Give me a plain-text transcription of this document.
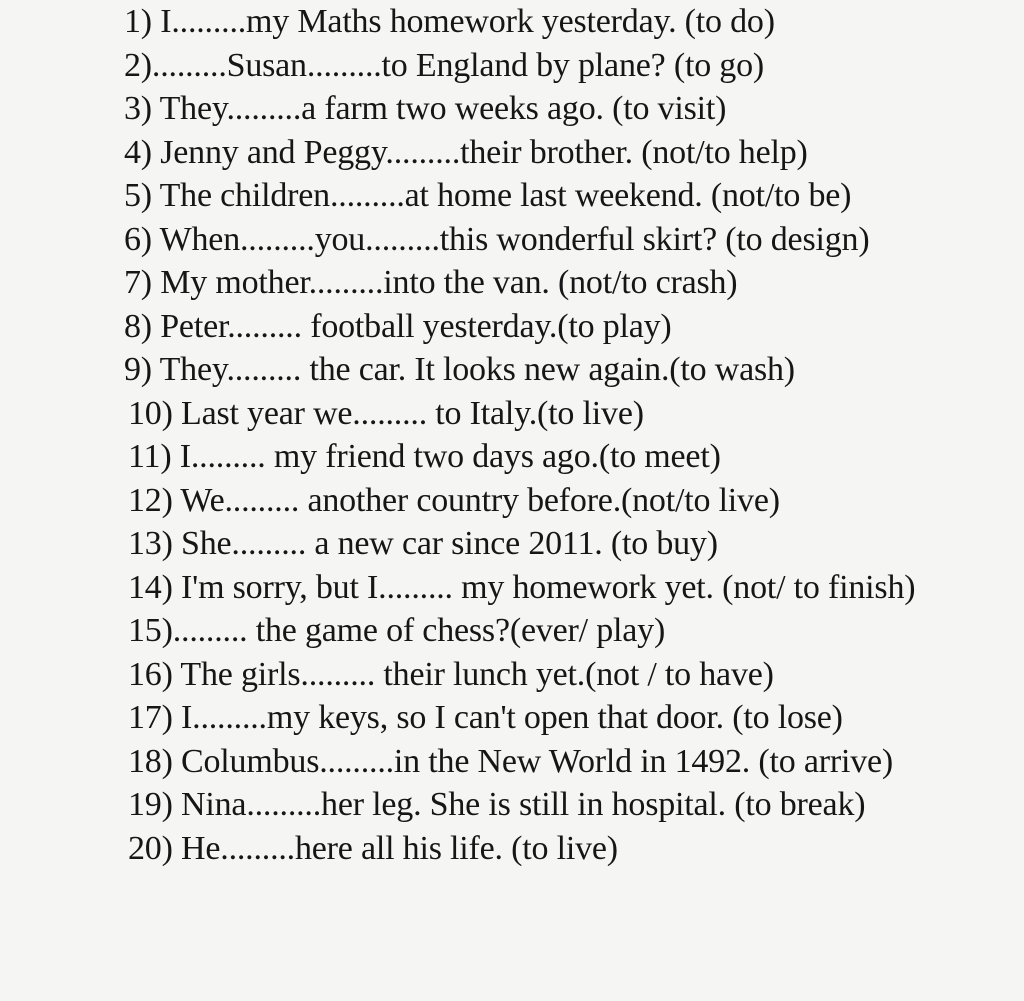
1) I.........my Maths homework yesterday. (to do)
2).........Susan.........to England by plane? (to go)
3) They.........a farm two weeks ago. (to visit)
4) Jenny and Peggy.........their brother. (not/to help)
5) The children.........at home last weekend. (not/to be)
6) When.........you.........this wonderful skirt? (to design)
7) My mother.........into the van. (not/to crash)
8) Peter......... football yesterday.(to play)
9) They......... the car. It looks new again.(to wash)
10) Last year we......... to Italy.(to live)
11) I......... my friend two days ago.(to meet)
12) We......... another country before.(not/to live)
13) She......... a new car since 2011. (to buy)
14) I'm sorry, but I......... my homework yet. (not/ to finish)
15)......... the game of chess?(ever/ play)
16) The girls......... their lunch yet.(not / to have)
17) I.........my keys, so I can't open that door. (to lose)
18) Columbus.........in the New World in 1492. (to arrive)
19) Nina.........her leg. She is still in hospital. (to break)
20) He.........here all his life. (to live)
